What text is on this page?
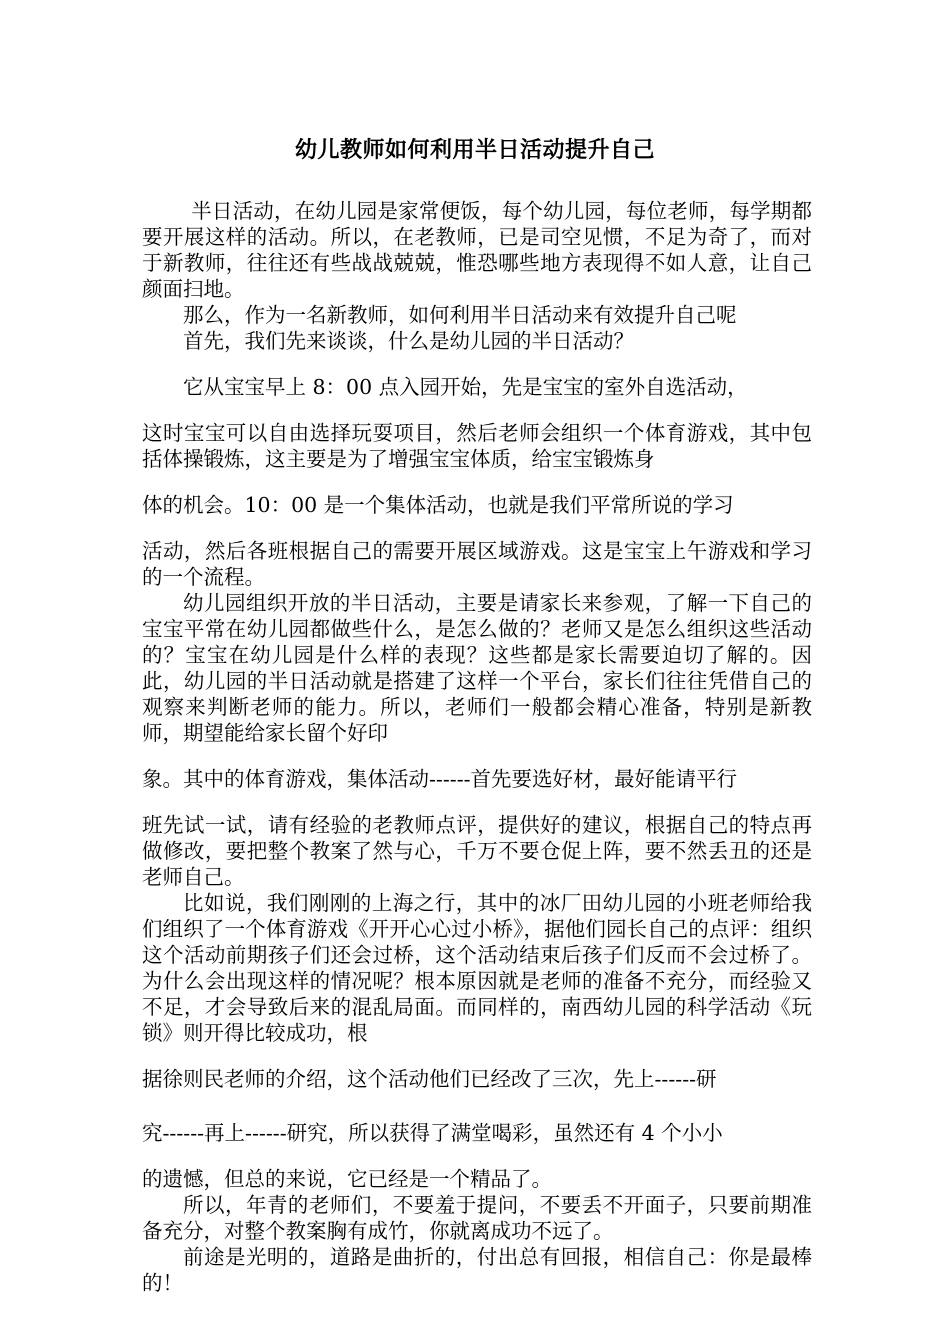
幼儿教师如何利用半日活动提升自己

半日活动，在幼儿园是家常便饭，每个幼儿园，每位老师，每学期都要开展这样的活动。所以，在老教师，已是司空见惯，不足为奇了，而对于新教师，往往还有些战战兢兢，惟恐哪些地方表现得不如人意，让自己颜面扫地。

那么，作为一名新教师，如何利用半日活动来有效提升自己呢

首先，我们先来谈谈，什么是幼儿园的半日活动？

它从宝宝早上 8：00 点入园开始，先是宝宝的室外自选活动，

这时宝宝可以自由选择玩耍项目，然后老师会组织一个体育游戏，其中包括体操锻炼，这主要是为了增强宝宝体质，给宝宝锻炼身

体的机会。10：00 是一个集体活动，也就是我们平常所说的学习

活动，然后各班根据自己的需要开展区域游戏。这是宝宝上午游戏和学习的一个流程。

幼儿园组织开放的半日活动，主要是请家长来参观，了解一下自己的宝宝平常在幼儿园都做些什么，是怎么做的？老师又是怎么组织这些活动的？宝宝在幼儿园是什么样的表现？这些都是家长需要迫切了解的。因此，幼儿园的半日活动就是搭建了这样一个平台，家长们往往凭借自己的观察来判断老师的能力。所以，老师们一般都会精心准备，特别是新教师，期望能给家长留个好印

象。其中的体育游戏，集体活动------首先要选好材，最好能请平行

班先试一试，请有经验的老教师点评，提供好的建议，根据自己的特点再做修改，要把整个教案了然与心，千万不要仓促上阵，要不然丢丑的还是老师自己。

比如说，我们刚刚的上海之行，其中的冰厂田幼儿园的小班老师给我们组织了一个体育游戏《开开心心过小桥》，据他们园长自己的点评：组织这个活动前期孩子们还会过桥，这个活动结束后孩子们反而不会过桥了。为什么会出现这样的情况呢？根本原因就是老师的准备不充分，而经验又不足，才会导致后来的混乱局面。而同样的，南西幼儿园的科学活动《玩锁》则开得比较成功，根

据徐则民老师的介绍，这个活动他们已经改了三次，先上------研

究------再上------研究，所以获得了满堂喝彩，虽然还有 4 个小小

的遗憾，但总的来说，它已经是一个精品了。

所以，年青的老师们，不要羞于提问，不要丢不开面子，只要前期准备充分，对整个教案胸有成竹，你就离成功不远了。

前途是光明的，道路是曲折的，付出总有回报，相信自己：你是最棒的！
